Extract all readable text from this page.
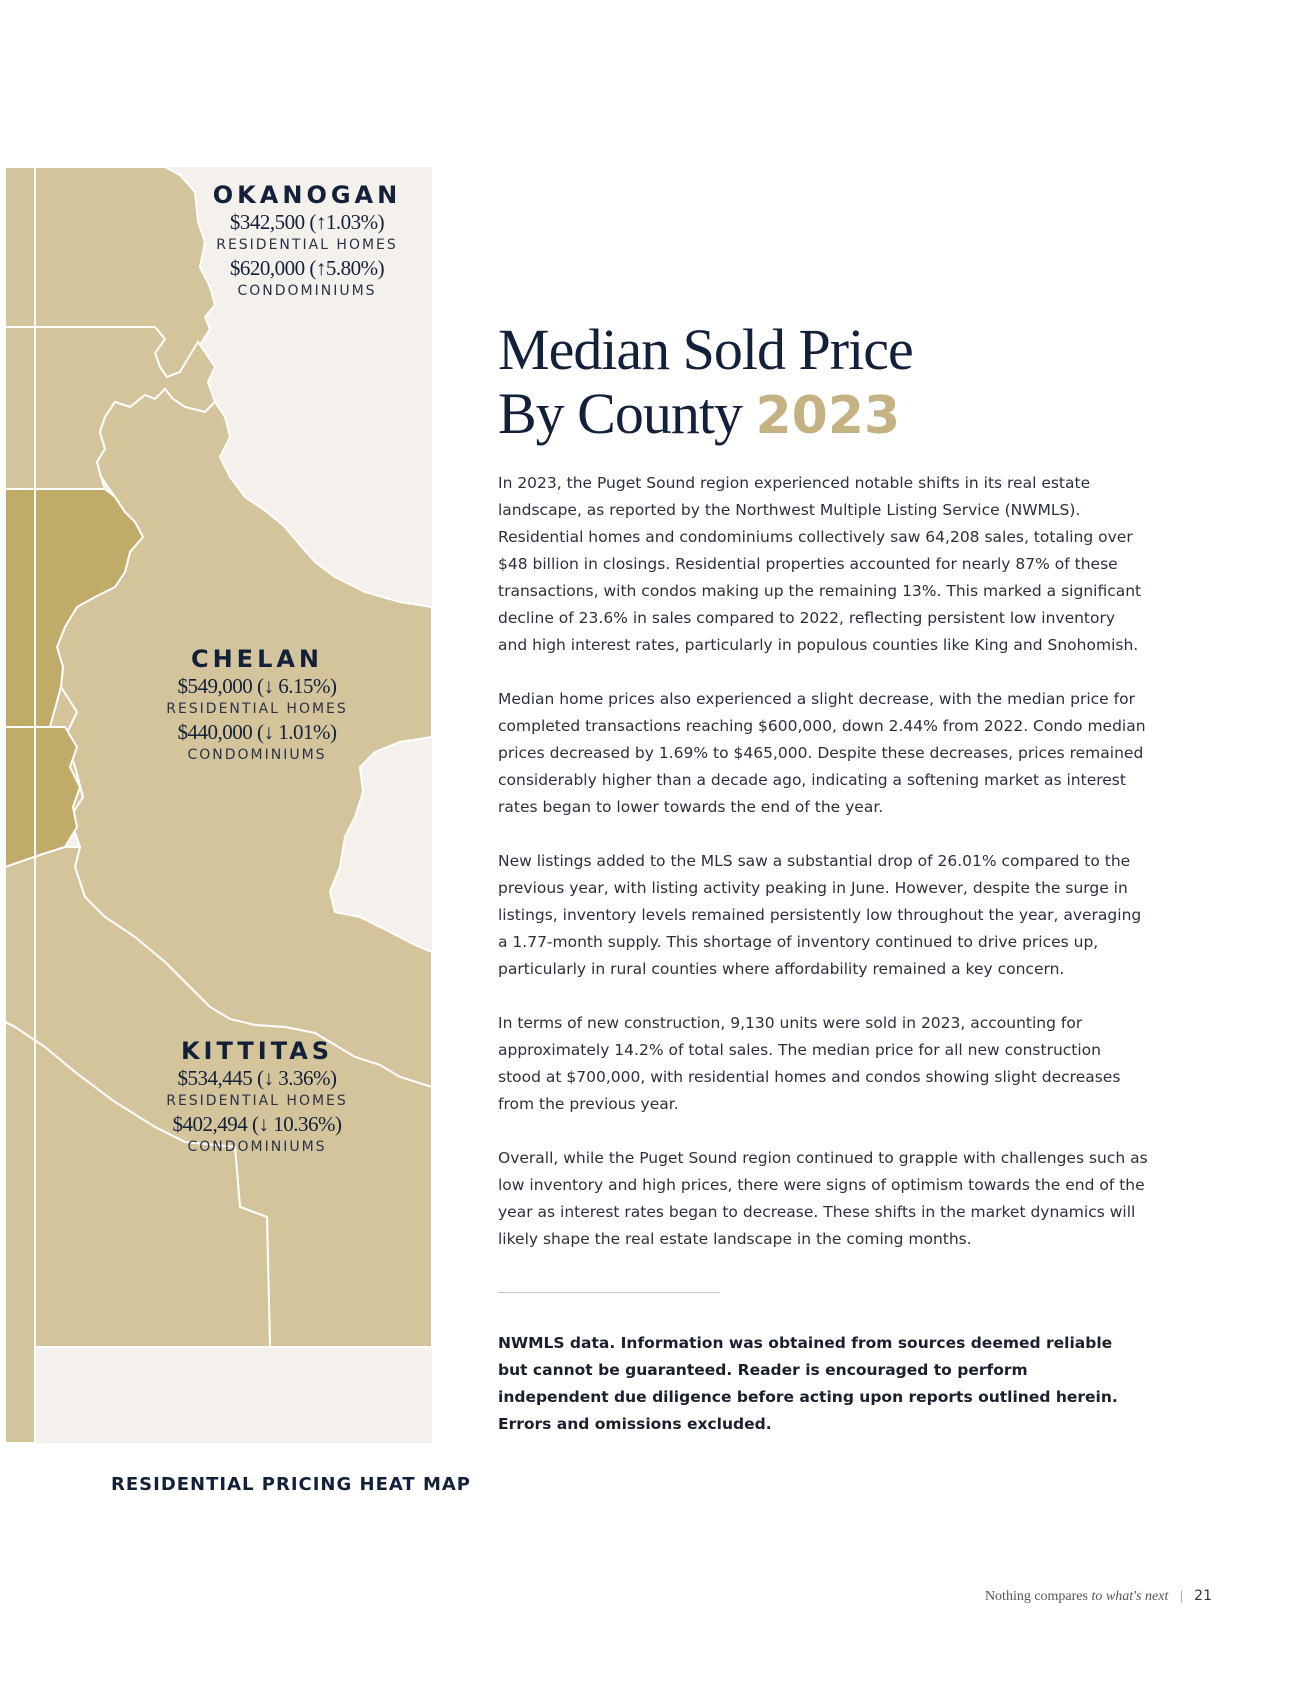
OKANOGAN
$342,500 (↑1.03%)
RESIDENTIAL HOMES
$620,000 (↑5.80%)
CONDOMINIUMS
CHELAN
$549,000 (↓ 6.15%)
RESIDENTIAL HOMES
$440,000 (↓ 1.01%)
CONDOMINIUMS
KITTITAS
$534,445 (↓ 3.36%)
RESIDENTIAL HOMES
$402,494 (↓ 10.36%)
CONDOMINIUMS
RESIDENTIAL PRICING HEAT MAP
Median Sold Price
By County 2023

In 2023, the Puget Sound region experienced notable shifts in its real estate landscape, as reported by the Northwest Multiple Listing Service (NWMLS). Residential homes and condominiums collectively saw 64,208 sales, totaling over $48 billion in closings. Residential properties accounted for nearly 87% of these transactions, with condos making up the remaining 13%. This marked a significant decline of 23.6% in sales compared to 2022, reflecting persistent low inventory and high interest rates, particularly in populous counties like King and Snohomish.

Median home prices also experienced a slight decrease, with the median price for completed transactions reaching $600,000, down 2.44% from 2022. Condo median prices decreased by 1.69% to $465,000. Despite these decreases, prices remained considerably higher than a decade ago, indicating a softening market as interest rates began to lower towards the end of the year.

New listings added to the MLS saw a substantial drop of 26.01% compared to the previous year, with listing activity peaking in June. However, despite the surge in listings, inventory levels remained persistently low throughout the year, averaging a 1.77-month supply. This shortage of inventory continued to drive prices up, particularly in rural counties where affordability remained a key concern.

In terms of new construction, 9,130 units were sold in 2023, accounting for approximately 14.2% of total sales. The median price for all new construction stood at $700,000, with residential homes and condos showing slight decreases from the previous year.

Overall, while the Puget Sound region continued to grapple with challenges such as low inventory and high prices, there were signs of optimism towards the end of the year as interest rates began to decrease. These shifts in the market dynamics will likely shape the real estate landscape in the coming months.

NWMLS data. Information was obtained from sources deemed reliable but cannot be guaranteed. Reader is encouraged to perform independent due diligence before acting upon reports outlined herein.

Errors and omissions excluded.

Nothing compares to what's next | 21
